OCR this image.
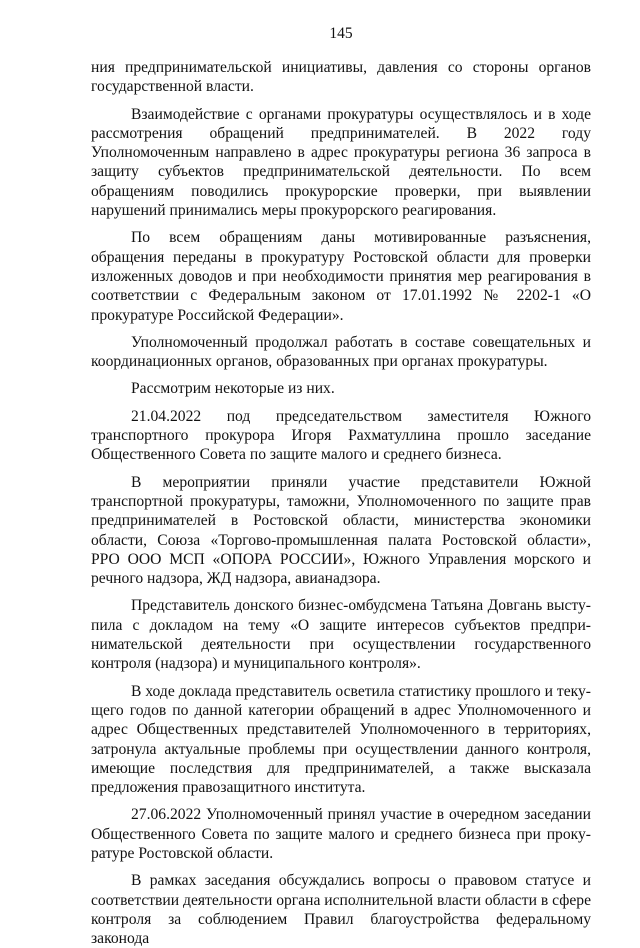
145

ния предпринимательской инициативы, давления со стороны органов государственной власти.

Взаимодействие с органами прокуратуры осуществлялось и в ходе рассмотрения обращений предпринимателей. В 2022 году Уполномоченным направлено в адрес прокуратуры региона 36 запроса в защиту субъектов предпринимательской деятельности. По всем обращениям поводились прокурорские проверки, при выявлении нарушений принимались меры прокурорского реагирования.

По всем обращениям даны мотивированные разъяснения, обращения переданы в прокуратуру Ростовской области для проверки изложенных доводов и при необходимости принятия мер реагирования в соответствии с Федеральным законом от 17.01.1992 № 2202-1 «О прокуратуре Российской Федерации».

Уполномоченный продолжал работать в составе совещательных и координационных органов, образованных при органах прокуратуры.

Рассмотрим некоторые из них.

21.04.2022 под председательством заместителя Южного транспортного прокурора Игоря Рахматуллина прошло заседание Общественного Совета по защите малого и среднего бизнеса.

В мероприятии приняли участие представители Южной транспортной прокуратуры, таможни, Уполномоченного по защите прав предпринимателей в Ростовской области, министерства экономики области, Союза «Торгово-промышленная палата Ростовской области», РРО ООО МСП «ОПОРА РОССИИ», Южного Управления морского и речного надзора, ЖД надзора, авианадзора.

Представитель донского бизнес-омбудсмена Татьяна Довгань выступила с докладом на тему «О защите интересов субъектов предпринимательской деятельности при осуществлении государственного контроля (надзора) и муниципального контроля».

В ходе доклада представитель осветила статистику прошлого и текущего годов по данной категории обращений в адрес Уполномоченного и адрес Общественных представителей Уполномоченного в территориях, затронула актуальные проблемы при осуществлении данного контроля, имеющие последствия для предпринимателей, а также высказала предложения правозащитного института.

27.06.2022 Уполномоченный принял участие в очередном заседании Общественного Совета по защите малого и среднего бизнеса при прокуратуре Ростовской области.

В рамках заседания обсуждались вопросы о правовом статусе и соответствии деятельности органа исполнительной власти области в сфере контроля за соблюдением Правил благоустройства федеральному законода
